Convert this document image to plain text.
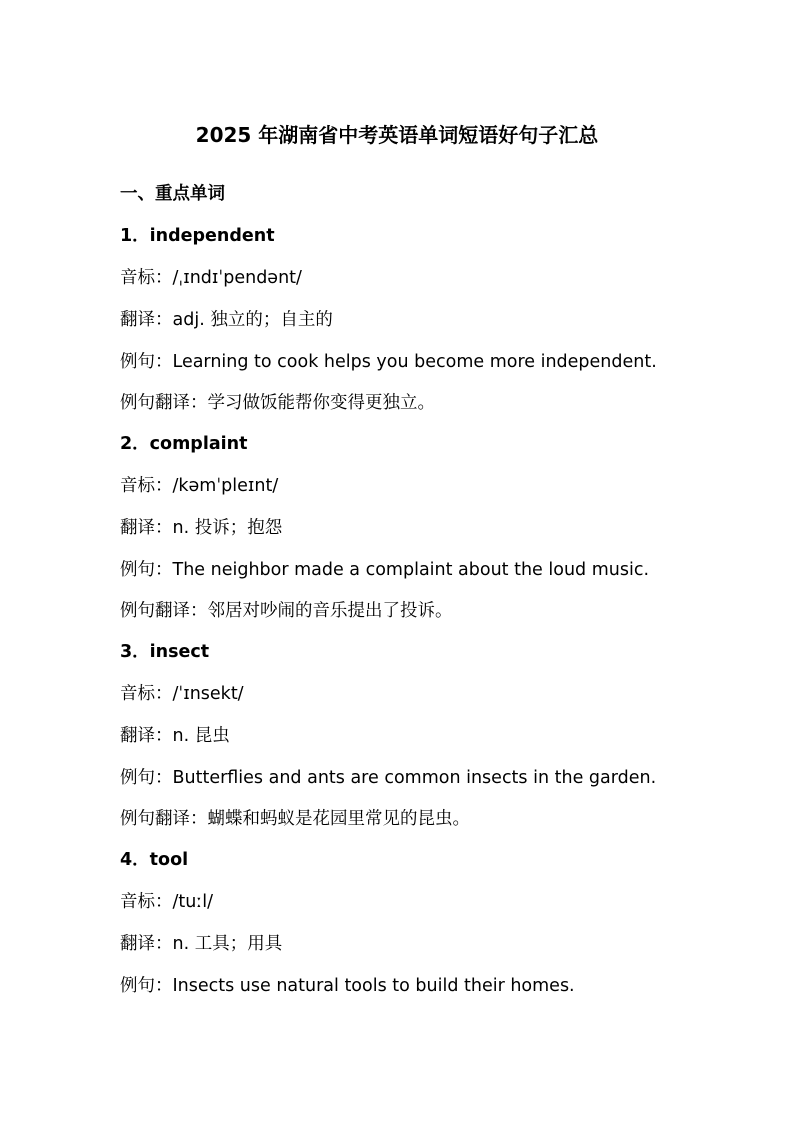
2025 年湖南省中考英语单词短语好句子汇总
一、重点单词
1．independent
音标：/ˌɪndɪˈpendənt/
翻译：adj. 独立的；自主的
例句：Learning to cook helps you become more independent.
例句翻译：学习做饭能帮你变得更独立。
2．complaint
音标：/kəmˈpleɪnt/
翻译：n. 投诉；抱怨
例句：The neighbor made a complaint about the loud music.
例句翻译：邻居对吵闹的音乐提出了投诉。
3．insect
音标：/ˈɪnsekt/
翻译：n. 昆虫
例句：Butterflies and ants are common insects in the garden.
例句翻译：蝴蝶和蚂蚁是花园里常见的昆虫。
4．tool
音标：/tuːl/
翻译：n. 工具；用具
例句：Insects use natural tools to build their homes.
